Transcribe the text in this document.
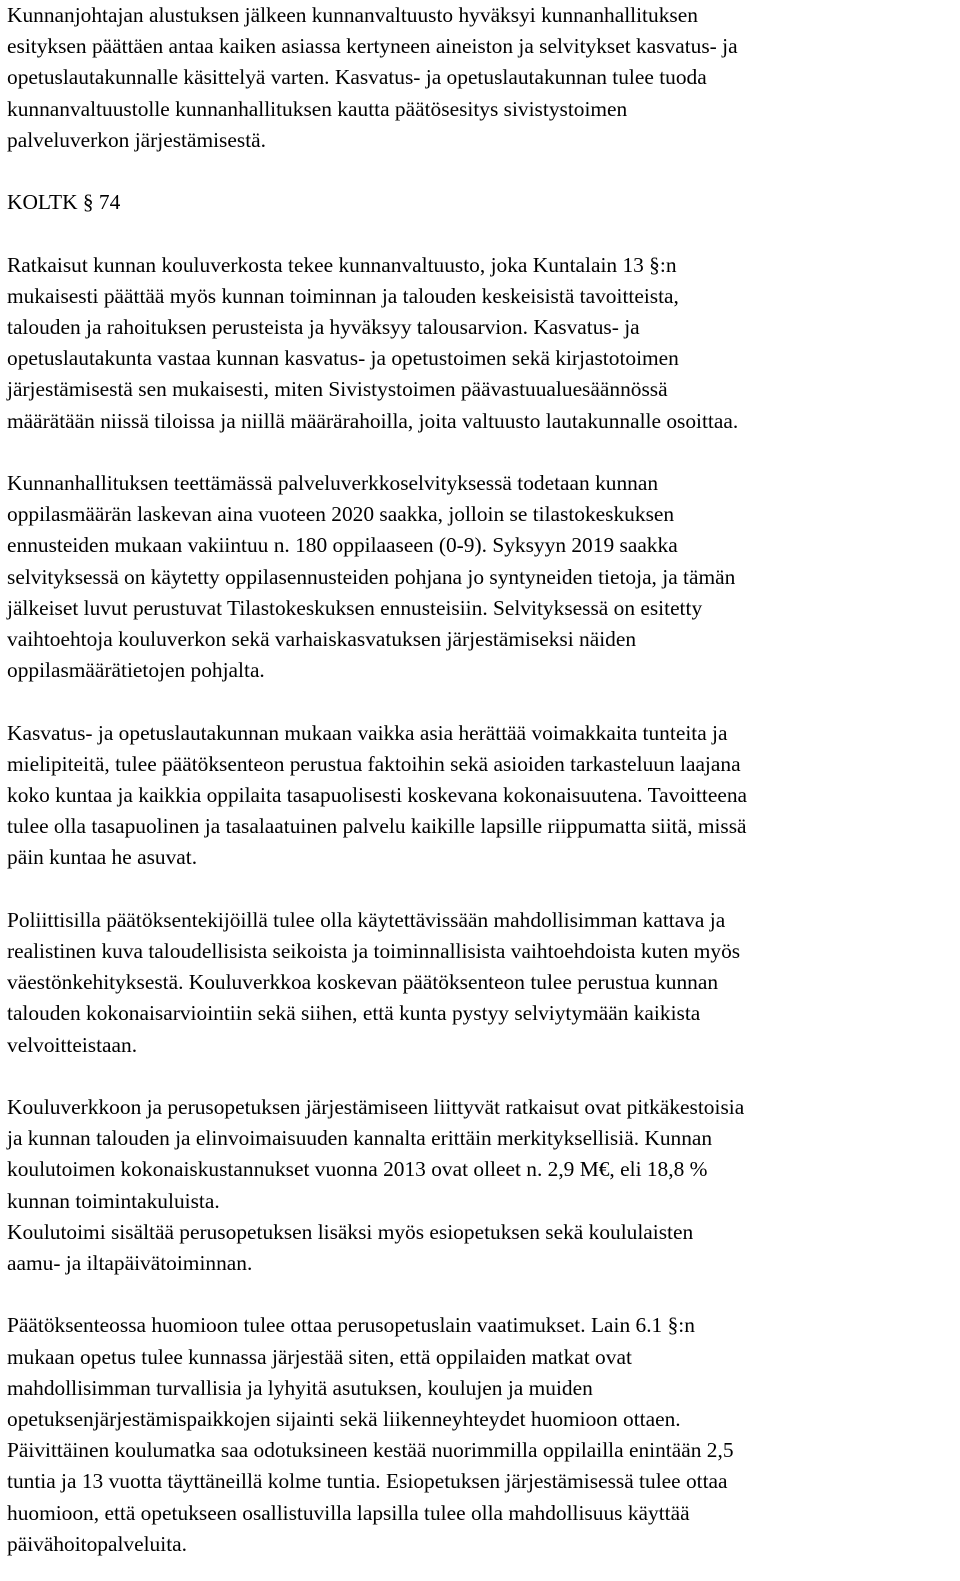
Kunnanjohtajan alustuksen jälkeen kunnanvaltuusto hyväksyi kunnanhallituksen
esityksen päättäen antaa kaiken asiassa kertyneen aineiston ja selvitykset kasvatus- ja
opetuslautakunnalle käsittelyä varten. Kasvatus- ja opetuslautakunnan tulee tuoda
kunnanvaltuustolle kunnanhallituksen kautta päätösesitys sivistystoimen
palveluverkon järjestämisestä.

KOLTK § 74

Ratkaisut kunnan kouluverkosta tekee kunnanvaltuusto, joka Kuntalain 13 §:n
mukaisesti päättää myös kunnan toiminnan ja talouden keskeisistä tavoitteista,
talouden ja rahoituksen perusteista ja hyväksyy talousarvion. Kasvatus- ja
opetuslautakunta vastaa kunnan kasvatus- ja opetustoimen sekä kirjastotoimen
järjestämisestä sen mukaisesti, miten Sivistystoimen päävastuualuesäännössä
määrätään niissä tiloissa ja niillä määrärahoilla, joita valtuusto lautakunnalle osoittaa.

Kunnanhallituksen teettämässä palveluverkkoselvityksessä todetaan kunnan
oppilasmäärän laskevan aina vuoteen 2020 saakka, jolloin se tilastokeskuksen
ennusteiden mukaan vakiintuu n. 180 oppilaaseen (0-9). Syksyyn 2019 saakka
selvityksessä on käytetty oppilasennusteiden pohjana jo syntyneiden tietoja, ja tämän
jälkeiset luvut perustuvat Tilastokeskuksen ennusteisiin. Selvityksessä on esitetty
vaihtoehtoja kouluverkon sekä varhaiskasvatuksen järjestämiseksi näiden
oppilasmäärätietojen pohjalta.

Kasvatus- ja opetuslautakunnan mukaan vaikka asia herättää voimakkaita tunteita ja
mielipiteitä, tulee päätöksenteon perustua faktoihin sekä asioiden tarkasteluun laajana
koko kuntaa ja kaikkia oppilaita tasapuolisesti koskevana kokonaisuutena. Tavoitteena
tulee olla tasapuolinen ja tasalaatuinen palvelu kaikille lapsille riippumatta siitä, missä
päin kuntaa he asuvat.

Poliittisilla päätöksentekijöillä tulee olla käytettävissään mahdollisimman kattava ja
realistinen kuva taloudellisista seikoista ja toiminnallisista vaihtoehdoista kuten myös
väestönkehityksestä. Kouluverkkoa koskevan päätöksenteon tulee perustua kunnan
talouden kokonaisarviointiin sekä siihen, että kunta pystyy selviytymään kaikista
velvoitteistaan.

Kouluverkkoon ja perusopetuksen järjestämiseen liittyvät ratkaisut ovat pitkäkestoisia
ja kunnan talouden ja elinvoimaisuuden kannalta erittäin merkityksellisiä. Kunnan
koulutoimen kokonaiskustannukset vuonna 2013 ovat olleet n. 2,9 M€, eli 18,8 %
kunnan toimintakuluista.
Koulutoimi sisältää perusopetuksen lisäksi myös esiopetuksen sekä koululaisten
aamu- ja iltapäivätoiminnan.

Päätöksenteossa huomioon tulee ottaa perusopetuslain vaatimukset. Lain 6.1 §:n
mukaan opetus tulee kunnassa järjestää siten, että oppilaiden matkat ovat
mahdollisimman turvallisia ja lyhyitä asutuksen, koulujen ja muiden
opetuksenjärjestämispaikkojen sijainti sekä liikenneyhteydet huomioon ottaen.
Päivittäinen koulumatka saa odotuksineen kestää nuorimmilla oppilailla enintään 2,5
tuntia ja 13 vuotta täyttäneillä kolme tuntia. Esiopetuksen järjestämisessä tulee ottaa
huomioon, että opetukseen osallistuvilla lapsilla tulee olla mahdollisuus käyttää
päivähoitopalveluita.
